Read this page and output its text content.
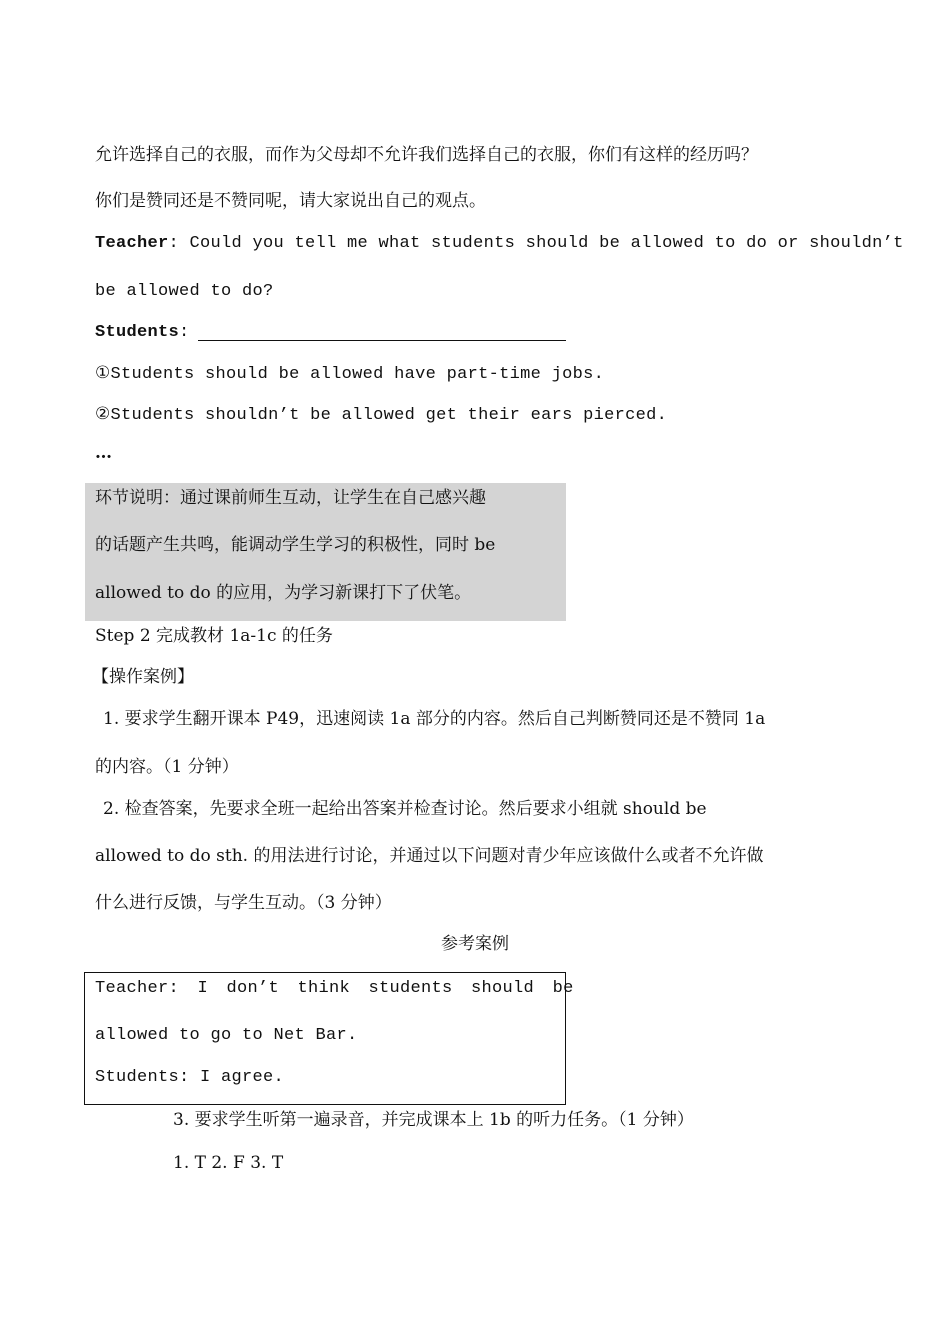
允许选择自己的衣服，而作为父母却不允许我们选择自己的衣服，你们有这样的经历吗？
你们是赞同还是不赞同呢，请大家说出自己的观点。
Teacher: Could you tell me what students should be allowed to do or shouldn’t
be allowed to do?
Students:
①Students should be allowed have part-time jobs.
②Students shouldn’t be allowed get their ears pierced.
…
环节说明：通过课前师生互动，让学生在自己感兴趣
的话题产生共鸣，能调动学生学习的积极性，同时 be
allowed to do 的应用，为学习新课打下了伏笔。
Step 2 完成教材 1a-1c 的任务
【操作案例】
1. 要求学生翻开课本 P49，迅速阅读 1a 部分的内容。然后自己判断赞同还是不赞同 1a
的内容。（1 分钟）
2. 检查答案，先要求全班一起给出答案并检查讨论。然后要求小组就 should be
allowed to do sth. 的用法进行讨论，并通过以下问题对青少年应该做什么或者不允许做
什么进行反馈，与学生互动。（3 分钟）
参考案例
Teacher: I don’t think students should be
allowed to go to Net Bar.
Students: I agree.
3. 要求学生听第一遍录音，并完成课本上 1b 的听力任务。（1 分钟）
1. T 2. F 3. T
